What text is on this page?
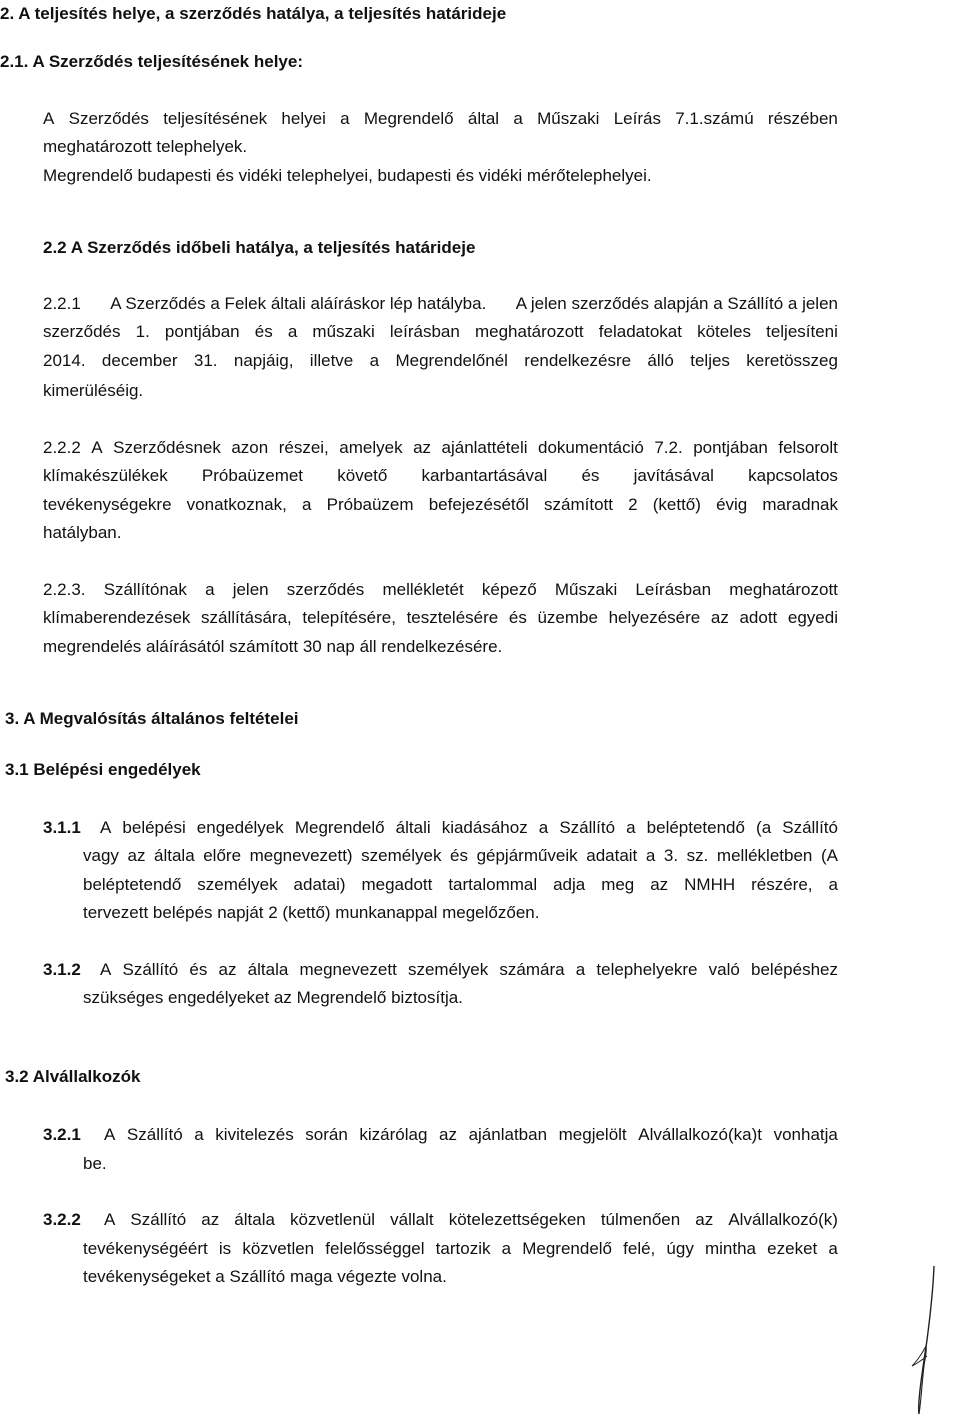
2. A teljesítés helye, a szerződés hatálya, a teljesítés határideje
2.1. A Szerződés teljesítésének helye:
A Szerződés teljesítésének helyei a Megrendelő által a Műszaki Leírás 7.1.számú részében
meghatározott telephelyek.
Megrendelő budapesti és vidéki telephelyei, budapesti és vidéki mérőtelephelyei.
2.2 A Szerződés időbeli hatálya, a teljesítés határideje
2.2.1 A Szerződés a Felek általi aláíráskor lép hatályba. A jelen szerződés alapján a Szállító a jelen
szerződés 1. pontjában és a műszaki leírásban meghatározott feladatokat köteles teljesíteni
2014. december 31. napjáig, illetve a Megrendelőnél rendelkezésre álló teljes keretösszeg
kimerüléséig.
2.2.2 A Szerződésnek azon részei, amelyek az ajánlattételi dokumentáció 7.2. pontjában felsorolt
klímakészülékek Próbaüzemet követő karbantartásával és javításával kapcsolatos
tevékenységekre vonatkoznak, a Próbaüzem befejezésétől számított 2 (kettő) évig maradnak
hatályban.
2.2.3. Szállítónak a jelen szerződés mellékletét képező Műszaki Leírásban meghatározott
klímaberendezések szállítására, telepítésére, tesztelésére és üzembe helyezésére az adott egyedi
megrendelés aláírásától számított 30 nap áll rendelkezésére.
3. A Megvalósítás általános feltételei
3.1 Belépési engedélyek
3.1.1 A belépési engedélyek Megrendelő általi kiadásához a Szállító a beléptetendő (a Szállító
vagy az általa előre megnevezett) személyek és gépjárműveik adatait a 3. sz. mellékletben (A
beléptetendő személyek adatai) megadott tartalommal adja meg az NMHH részére, a
tervezett belépés napját 2 (kettő) munkanappal megelőzően.
3.1.2 A Szállító és az általa megnevezett személyek számára a telephelyekre való belépéshez
szükséges engedélyeket az Megrendelő biztosítja.
3.2 Alvállalkozók
3.2.1 A Szállító a kivitelezés során kizárólag az ajánlatban megjelölt Alvállalkozó(ka)t vonhatja
be.
3.2.2 A Szállító az általa közvetlenül vállalt kötelezettségeken túlmenően az Alvállalkozó(k)
tevékenységéért is közvetlen felelősséggel tartozik a Megrendelő felé, úgy mintha ezeket a
tevékenységeket a Szállító maga végezte volna.
